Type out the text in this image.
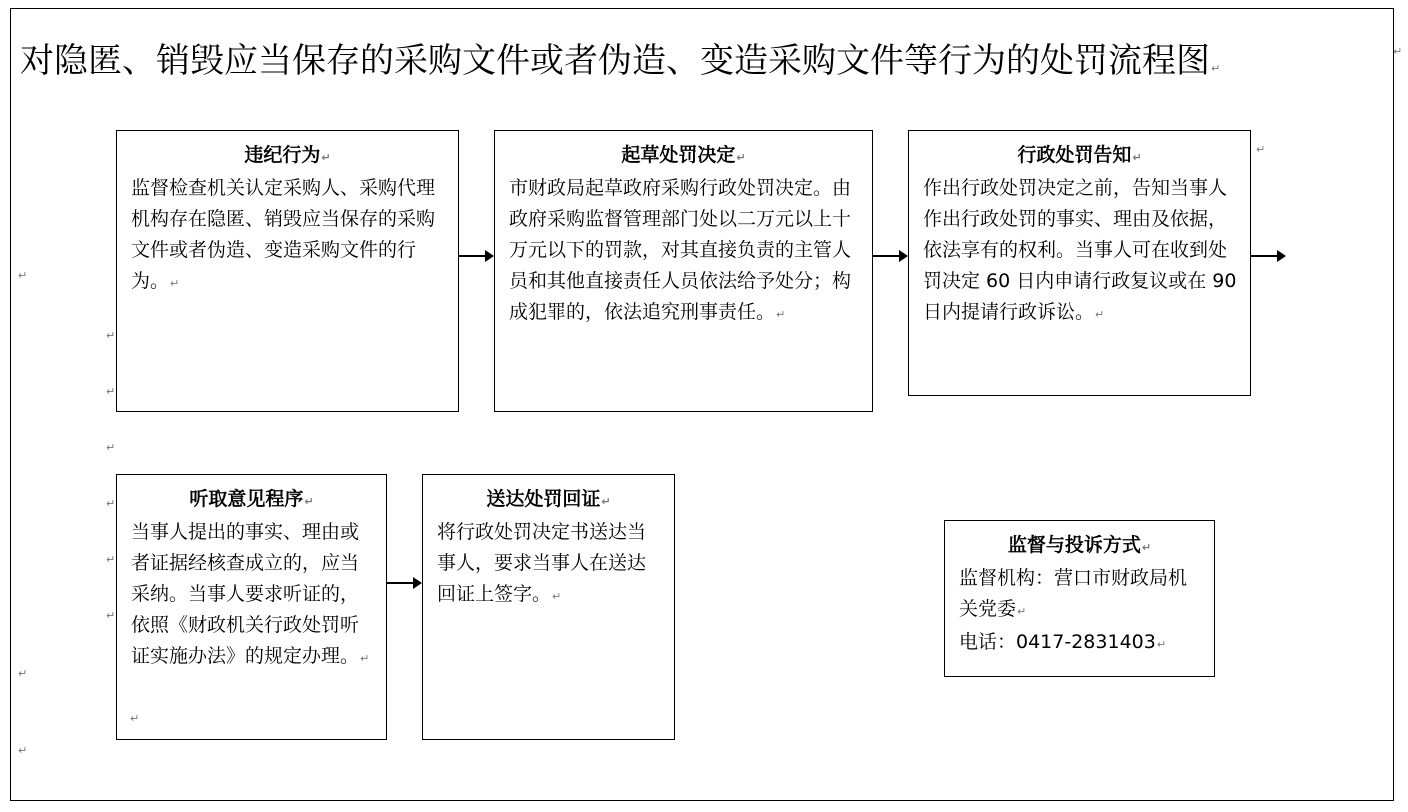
对隐匿、销毁应当保存的采购文件或者伪造、变造采购文件等行为的处罚流程图↵
违纪行为↵
监督检查机关认定采购人、采购代理机构存在隐匿、销毁应当保存的采购文件或者伪造、变造采购文件的行为。↵
起草处罚决定↵
市财政局起草政府采购行政处罚决定。由政府采购监督管理部门处以二万元以上十万元以下的罚款，对其直接负责的主管人员和其他直接责任人员依法给予处分；构成犯罪的，依法追究刑事责任。↵
行政处罚告知↵
作出行政处罚决定之前，告知当事人作出行政处罚的事实、理由及依据，依法享有的权利。当事人可在收到处罚决定 60 日内申请行政复议或在 90 日内提请行政诉讼。↵
听取意见程序↵
当事人提出的事实、理由或者证据经核查成立的，应当采纳。当事人要求听证的，依照《财政机关行政处罚听证实施办法》的规定办理。↵
送达处罚回证↵
将行政处罚决定书送达当事人，要求当事人在送达回证上签字。↵
监督与投诉方式↵
监督机构：营口市财政局机关党委↵
电话：0417-2831403↵
↵
↵
↵
↵
↵
↵
↵
↵
↵
↵
↵
↵
